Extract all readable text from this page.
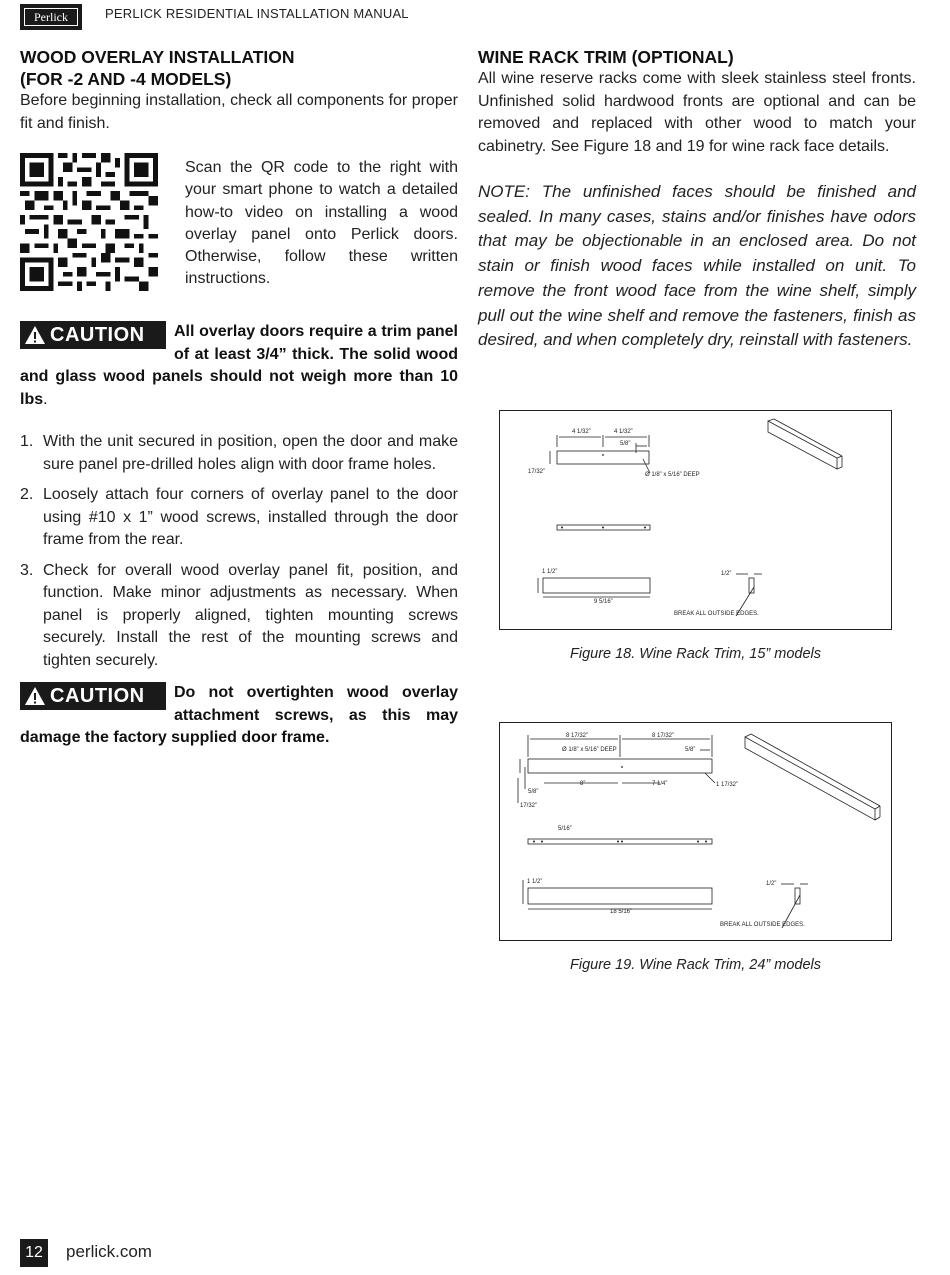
Perlick	PERLICK RESIDENTIAL INSTALLATION MANUAL
WOOD OVERLAY INSTALLATION
(FOR -2 AND -4 MODELS)

Before beginning installation, check all components for proper fit and finish.

Scan the QR code to the right with your smart phone to watch a detailed how-to video on installing a wood overlay panel onto Perlick doors. Otherwise, follow these written instructions.
CAUTION All overlay doors require a trim panel of at least 3/4” thick. The solid wood and glass wood panels should not weigh more than 10 lbs.
1. With the unit secured in position, open the door and make sure panel pre-drilled holes align with door frame holes.
2. Loosely attach four corners of overlay panel to the door using #10 x 1” wood screws, installed through the door frame from the rear.
3. Check for overall wood overlay panel fit, position, and function. Make minor adjustments as necessary. When panel is properly aligned, tighten mounting screws securely. Install the rest of the mounting screws and tighten securely.
CAUTION Do not overtighten wood overlay attachment screws, as this may damage the factory supplied door frame.
WINE RACK TRIM (OPTIONAL)

All wine reserve racks come with sleek stainless steel fronts. Unfinished solid hardwood fronts are optional and can be removed and replaced with other wood to match your cabinetry. See Figure 18 and 19 for wine rack face details.

NOTE: The unfinished faces should be finished and sealed. In many cases, stains and/or finishes have odors that may be objectionable in an enclosed area. Do not stain or finish wood faces while installed on unit. To remove the front wood face from the wine shelf, simply pull out the wine shelf and remove the fasteners, finish as desired, and when completely dry, reinstall with fasteners.

4 1/32”	4 1/32”
5/8”
17/32”	Ø 1/8” x 5/16” DEEP
1 1/2”
9 5/16”
1/2”
BREAK ALL OUTSIDE EDGES.
Figure 18. Wine Rack Trim, 15” models
8 17/32”	8 17/32”
Ø 1/8” x 5/16” DEEP	5/8”
8”	7 1/4”	1 17/32”
5/8”
17/32”
5/16”
1 1/2”
18 5/16”
1/2”
BREAK ALL OUTSIDE EDGES.
Figure 19. Wine Rack Trim, 24” models
12	perlick.com
